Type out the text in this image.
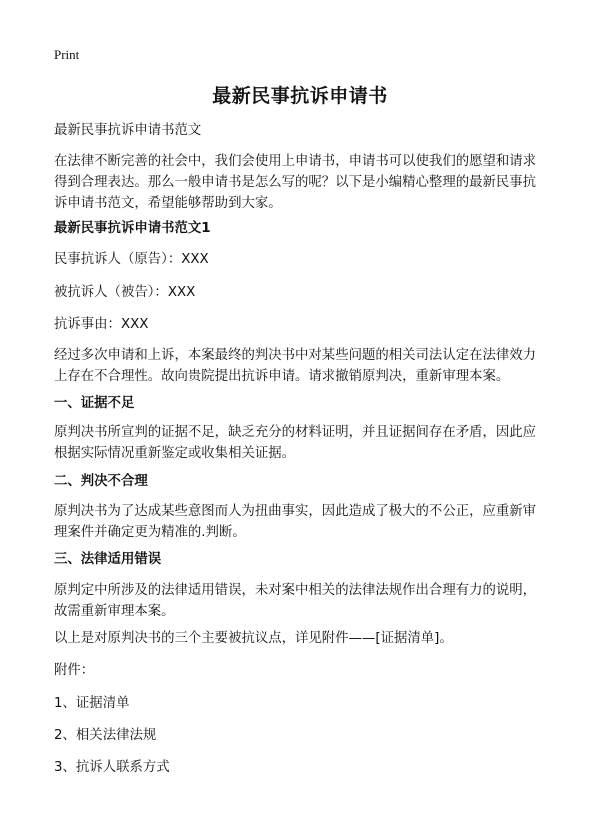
Print
最新民事抗诉申请书
最新民事抗诉申请书范文
在法律不断完善的社会中，我们会使用上申请书，申请书可以使我们的愿望和请求得到合理表达。那么一般申请书是怎么写的呢？以下是小编精心整理的最新民事抗诉申请书范文，希望能够帮助到大家。
最新民事抗诉申请书范文1
民事抗诉人（原告）：XXX
被抗诉人（被告）：XXX
抗诉事由：XXX
经过多次申请和上诉，本案最终的判决书中对某些问题的相关司法认定在法律效力上存在不合理性。故向贵院提出抗诉申请。请求撤销原判决，重新审理本案。
一、证据不足
原判决书所宣判的证据不足，缺乏充分的材料证明，并且证据间存在矛盾，因此应根据实际情况重新鉴定或收集相关证据。
二、判决不合理
原判决书为了达成某些意图而人为扭曲事实，因此造成了极大的不公正，应重新审理案件并确定更为精准的.判断。
三、法律适用错误
原判定中所涉及的法律适用错误，未对案中相关的法律法规作出合理有力的说明，故需重新审理本案。
以上是对原判决书的三个主要被抗议点，详见附件——[证据清单]。
附件：
1、证据清单
2、相关法律法规
3、抗诉人联系方式
